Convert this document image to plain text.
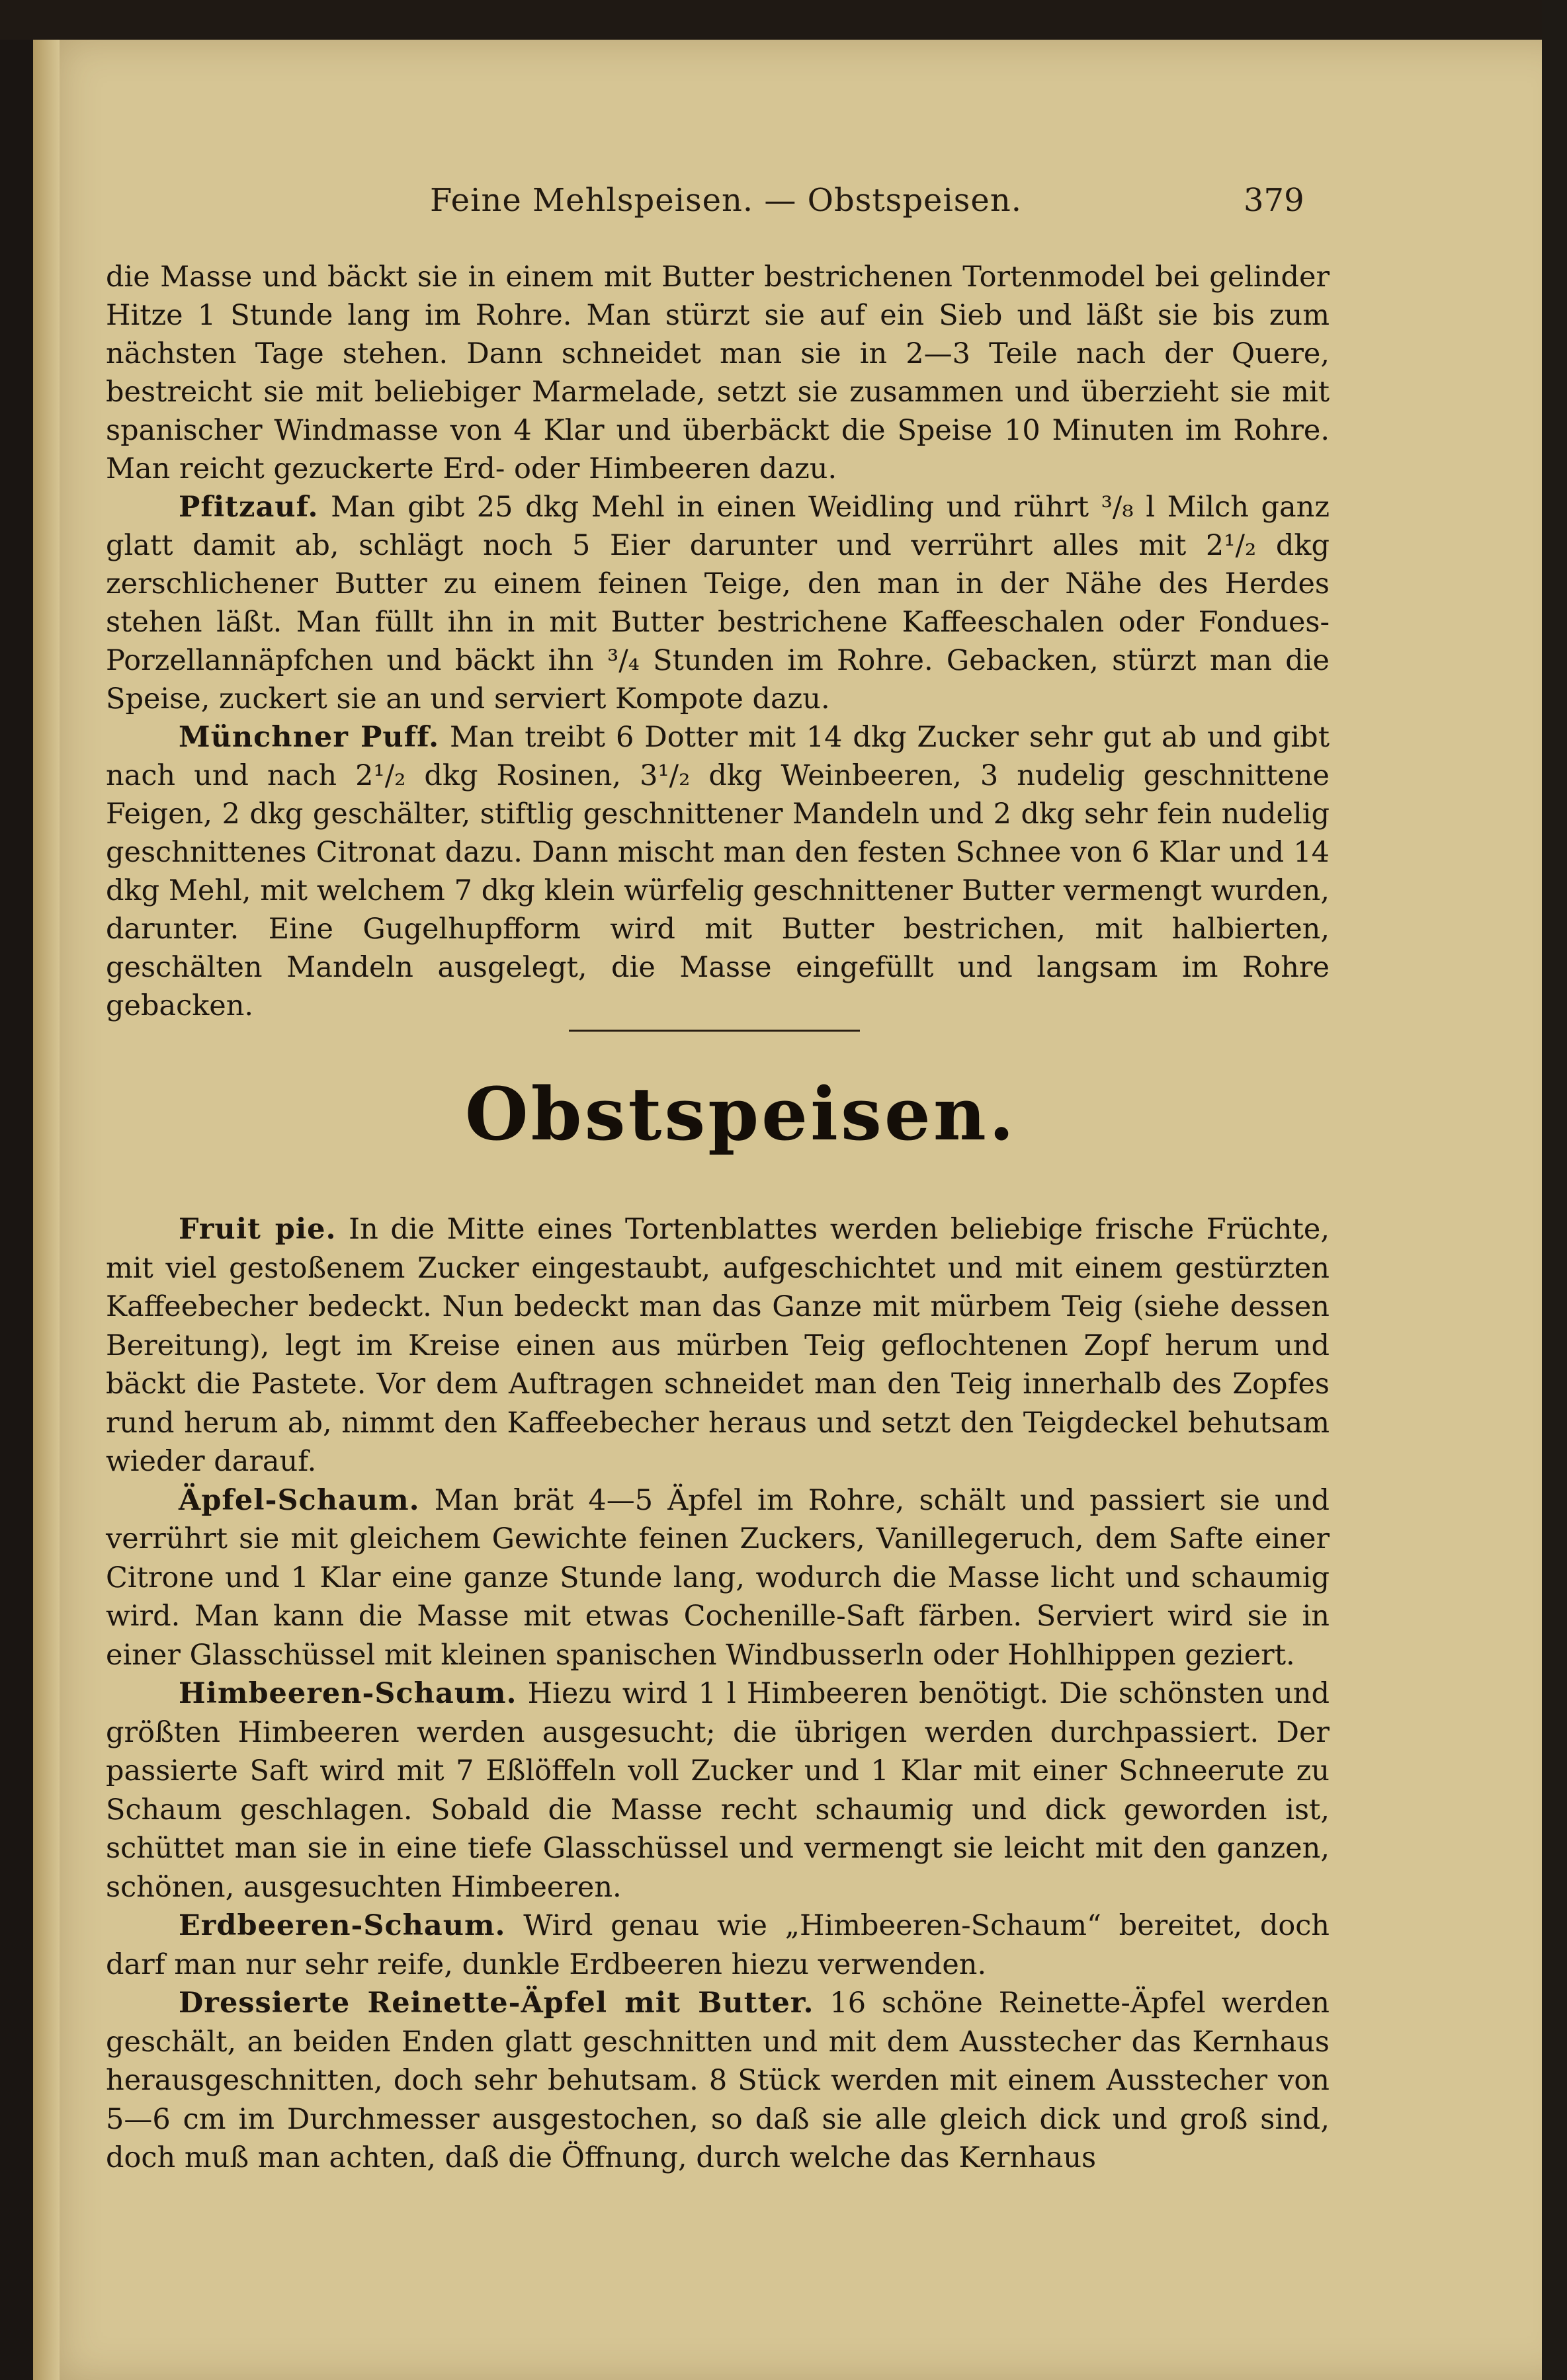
Feine Mehlspeisen. — Obstspeisen.	379

die Masse und bäckt sie in einem mit Butter bestrichenen Tortenmodel bei gelinder Hitze 1 Stunde lang im Rohre. Man stürzt sie auf ein Sieb und läßt sie bis zum nächsten Tage stehen. Dann schneidet man sie in 2—3 Teile nach der Quere, bestreicht sie mit beliebiger Marmelade, setzt sie zusammen und überzieht sie mit spanischer Windmasse von 4 Klar und überbäckt die Speise 10 Minuten im Rohre. Man reicht gezuckerte Erd- oder Himbeeren dazu.

Pfitzauf. Man gibt 25 dkg Mehl in einen Weidling und rührt ³/₈ l Milch ganz glatt damit ab, schlägt noch 5 Eier darunter und verrührt alles mit 2¹/₂ dkg zerschlichener Butter zu einem feinen Teige, den man in der Nähe des Herdes stehen läßt. Man füllt ihn in mit Butter bestrichene Kaffeeschalen oder Fondues-Porzellannäpfchen und bäckt ihn ³/₄ Stunden im Rohre. Gebacken, stürzt man die Speise, zuckert sie an und serviert Kompote dazu.

Münchner Puff. Man treibt 6 Dotter mit 14 dkg Zucker sehr gut ab und gibt nach und nach 2¹/₂ dkg Rosinen, 3¹/₂ dkg Weinbeeren, 3 nudelig geschnittene Feigen, 2 dkg geschälter, stiftlig geschnittener Mandeln und 2 dkg sehr fein nudelig geschnittenes Citronat dazu. Dann mischt man den festen Schnee von 6 Klar und 14 dkg Mehl, mit welchem 7 dkg klein würfelig geschnittener Butter vermengt wurden, darunter. Eine Gugelhupfform wird mit Butter bestrichen, mit halbierten, geschälten Mandeln ausgelegt, die Masse eingefüllt und langsam im Rohre gebacken.

Obstspeisen.

Fruit pie. In die Mitte eines Tortenblattes werden beliebige frische Früchte, mit viel gestoßenem Zucker eingestaubt, aufgeschichtet und mit einem gestürzten Kaffeebecher bedeckt. Nun bedeckt man das Ganze mit mürbem Teig (siehe dessen Bereitung), legt im Kreise einen aus mürben Teig geflochtenen Zopf herum und bäckt die Pastete. Vor dem Auftragen schneidet man den Teig innerhalb des Zopfes rund herum ab, nimmt den Kaffeebecher heraus und setzt den Teigdeckel behutsam wieder darauf.

Äpfel-Schaum. Man brät 4—5 Äpfel im Rohre, schält und passiert sie und verrührt sie mit gleichem Gewichte feinen Zuckers, Vanillegeruch, dem Safte einer Citrone und 1 Klar eine ganze Stunde lang, wodurch die Masse licht und schaumig wird. Man kann die Masse mit etwas Cochenille-Saft färben. Serviert wird sie in einer Glasschüssel mit kleinen spanischen Windbusserln oder Hohlhippen geziert.

Himbeeren-Schaum. Hiezu wird 1 l Himbeeren benötigt. Die schönsten und größten Himbeeren werden ausgesucht; die übrigen werden durchpassiert. Der passierte Saft wird mit 7 Eßlöffeln voll Zucker und 1 Klar mit einer Schneerute zu Schaum geschlagen. Sobald die Masse recht schaumig und dick geworden ist, schüttet man sie in eine tiefe Glasschüssel und vermengt sie leicht mit den ganzen, schönen, ausgesuchten Himbeeren.

Erdbeeren-Schaum. Wird genau wie „Himbeeren-Schaum“ bereitet, doch darf man nur sehr reife, dunkle Erdbeeren hiezu verwenden.

Dressierte Reinette-Äpfel mit Butter. 16 schöne Reinette-Äpfel werden geschält, an beiden Enden glatt geschnitten und mit dem Ausstecher das Kernhaus herausgeschnitten, doch sehr behutsam. 8 Stück werden mit einem Ausstecher von 5—6 cm im Durchmesser ausgestochen, so daß sie alle gleich dick und groß sind, doch muß man achten, daß die Öffnung, durch welche das Kernhaus
